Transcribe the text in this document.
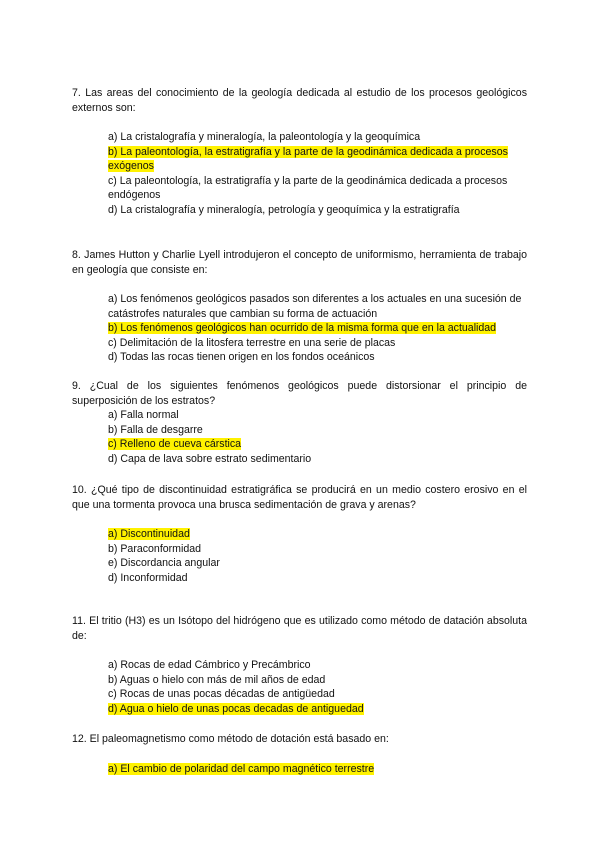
7. Las areas del conocimiento de la geología dedicada al estudio de los procesos geológicos externos son:

a) La cristalografía y mineralogía, la paleontología y la geoquímica
b) La paleontología, la estratigrafía y la parte de la geodinámica dedicada a procesos exógenos
c) La paleontología, la estratigrafía y la parte de la geodinámica dedicada a procesos endógenos
d) La cristalografía y mineralogía, petrología y geoquímica y la estratigrafía

8. James Hutton y Charlie Lyell introdujeron el concepto de uniformismo, herramienta de trabajo en geología que consiste en:

a) Los fenómenos geológicos pasados son diferentes a los actuales en una sucesión de catástrofes naturales que cambian su forma de actuación
b) Los fenómenos geológicos han ocurrido de la misma forma que en la actualidad
c) Delimitación de la litosfera terrestre en una serie de placas
d) Todas las rocas tienen origen en los fondos oceánicos

9. ¿Cual de los siguientes fenómenos geológicos puede distorsionar el principio de superposición de los estratos?

a) Falla normal
b) Falla de desgarre
c) Relleno de cueva cárstica
d) Capa de lava sobre estrato sedimentario

10. ¿Qué tipo de discontinuidad estratigráfica se producirá en un medio costero erosivo en el que una tormenta provoca una brusca sedimentación de grava y arenas?

a) Discontinuidad
b) Paraconformidad
e) Discordancia angular
d) Inconformidad

11. El tritio (H3) es un Isótopo del hidrógeno que es utilizado como método de datación absoluta de:

a) Rocas de edad Cámbrico y Precámbrico
b) Aguas o hielo con más de mil años de edad
c) Rocas de unas pocas décadas de antigüedad
d) Agua o hielo de unas pocas decadas de antiguedad

12. El paleomagnetismo como método de dotación está basado en:

a) El cambio de polaridad del campo magnético terrestre
